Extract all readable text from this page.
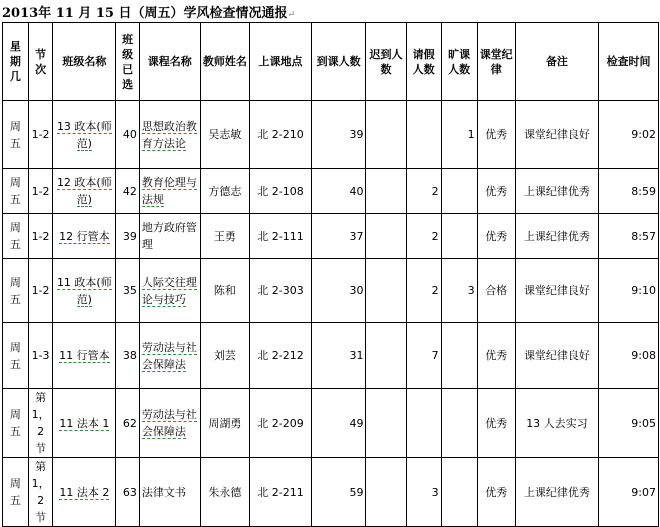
2013年 11 月 15 日（周五）学风检查情况通报↵
星期几	节次	班级名称	班级已选	课程名称	教师姓名	上课地点	到课人数	迟到人数	请假人数	旷课人数	课堂纪律	备注	检查时间
周五	1-2	13 政本(师范)	40	思想政治教育方法论	吴志敏	北 2-210	39			1	优秀	课堂纪律良好	9:02
周五	1-2	12 政本(师范)	42	教育伦理与法规	方德志	北 2-108	40		2		优秀	上课纪律优秀	8:59
周五	1-2	12 行管本	39	地方政府管理	王勇	北 2-111	37		2		优秀	上课纪律优秀	8:57
周五	1-2	11 政本(师范)	35	人际交往理论与技巧	陈和	北 2-303	30		2	3	合格	课堂纪律良好	9:10
周五	1-3	11 行管本	38	劳动法与社会保障法	刘芸	北 2-212	31		7		优秀	课堂纪律良好	9:08
周五	第 1，2 节	11 法本 1	62	劳动法与社会保障法	周湖勇	北 2-209	49				优秀	13 人去实习	9:05
周五	第 1，2 节	11 法本 2	63	法律文书	朱永德	北 2-211	59		3		优秀	上课纪律优秀	9:07
